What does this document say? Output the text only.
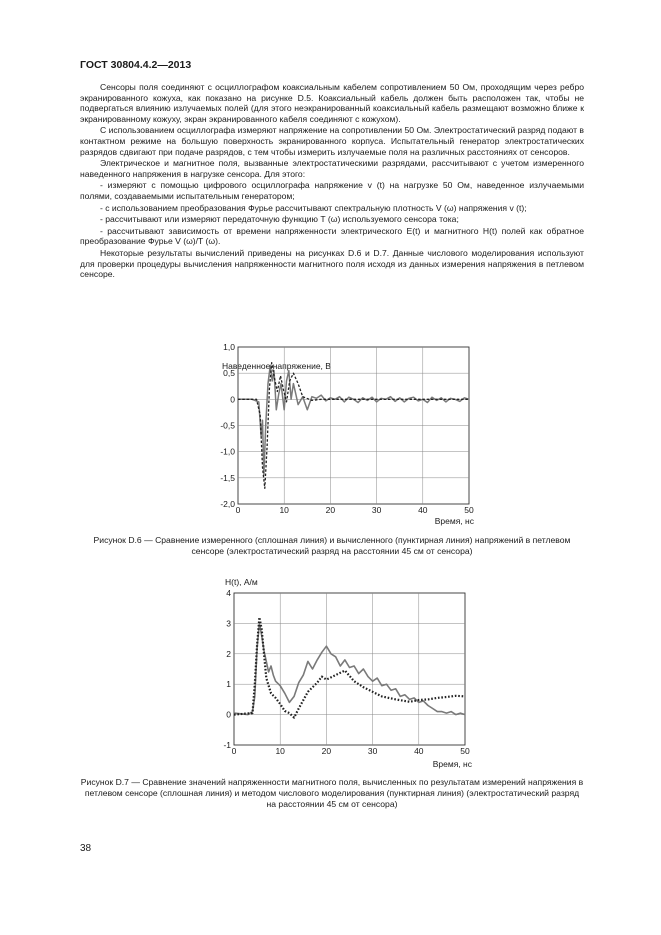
ГОСТ 30804.4.2—2013

Сенсоры поля соединяют с осциллографом коаксиальным кабелем сопротивлением 50 Ом, проходящим через ребро экранированного кожуха, как показано на рисунке D.5. Коаксиальный кабель должен быть расположен так, чтобы не подвергаться влиянию излучаемых полей (для этого неэкранированный коаксиальный кабель размещают возможно ближе к экранированному кожуху, экран экранированного кабеля соединяют с кожухом).

С использованием осциллографа измеряют напряжение на сопротивлении 50 Ом. Электростатический разряд подают в контактном режиме на большую поверхность экранированного корпуса. Испытательный генератор электростатических разрядов сдвигают при подаче разрядов, с тем чтобы измерить излучаемые поля на различных расстояниях от сенсоров.

Электрическое и магнитное поля, вызванные электростатическими разрядами, рассчитывают с учетом измеренного наведенного напряжения в нагрузке сенсора. Для этого:

- измеряют с помощью цифрового осциллографа напряжение v (t) на нагрузке 50 Ом, наведенное излучаемыми полями, создаваемыми испытательным генератором;

- с использованием преобразования Фурье рассчитывают спектральную плотность V (ω) напряжения v (t);

- рассчитывают или измеряют передаточную функцию T (ω) используемого сенсора тока;

- рассчитывают зависимость от времени напряженности электрического E(t) и магнитного H(t) полей как обратное преобразование Фурье V (ω)/T (ω).

Некоторые результаты вычислений приведены на рисунках D.6 и D.7. Данные числового моделирования используют для проверки процедуры вычисления напряженности магнитного поля исходя из данных измерения напряжения в петлевом сенсоре.

Наведенное напряжение, В
Время, нс
0	10	20	30	40	50
1,0
0,5
0
-0,5
-1,0
-1,5
-2,0
Рисунок D.6 — Сравнение измеренного (сплошная линия) и вычисленного (пунктирная линия) напряжений в петлевом сенсоре (электростатический разряд на расстоянии 45 см от сенсора)
H(t), А/м
Время, нс
0	10	20	30	40	50
4
3
2
1
0
-1
Рисунок D.7 — Сравнение значений напряженности магнитного поля, вычисленных по результатам измерений напряжения в петлевом сенсоре (сплошная линия) и методом числового моделирования (пунктирная линия) (электростатический разряд на расстоянии 45 см от сенсора)
38
